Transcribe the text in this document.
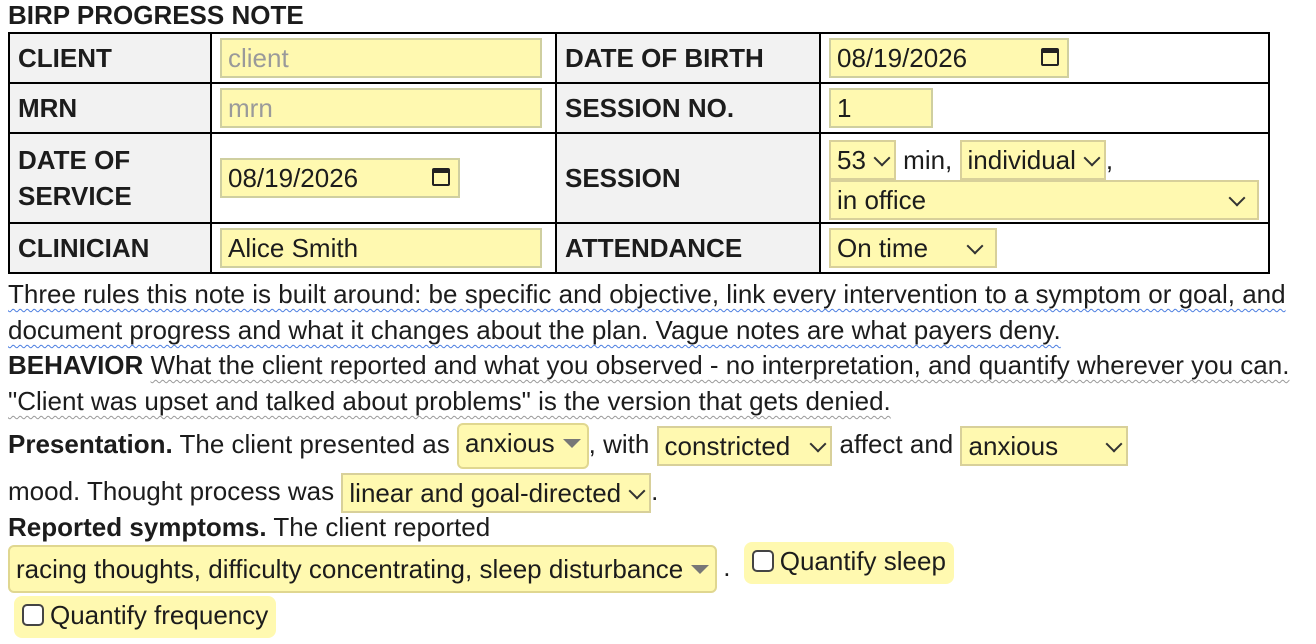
BIRP PROGRESS NOTE
CLIENT	client	DATE OF BIRTH	08/19/2026

MRN	mrn	SESSION NO.	1
DATE OF SERVICE	08/19/2026	SESSION	53 min, individual ,
in office

CLINICIAN	Alice Smith	ATTENDANCE	On time
Three rules this note is built around: be specific and objective, link every intervention to a symptom or goal, and document progress and what it changes about the plan. Vague notes are what payers deny.
BEHAVIOR What the client reported and what you observed - no interpretation, and quantify wherever you can. "Client was upset and talked about problems" is the version that gets denied.
Presentation. The client presented as anxious , with constricted affect and anxious
mood. Thought process was linear and goal-directed .
Reported symptoms. The client reported
racing thoughts, difficulty concentrating, sleep disturbance . Quantify sleep
Quantify frequency
